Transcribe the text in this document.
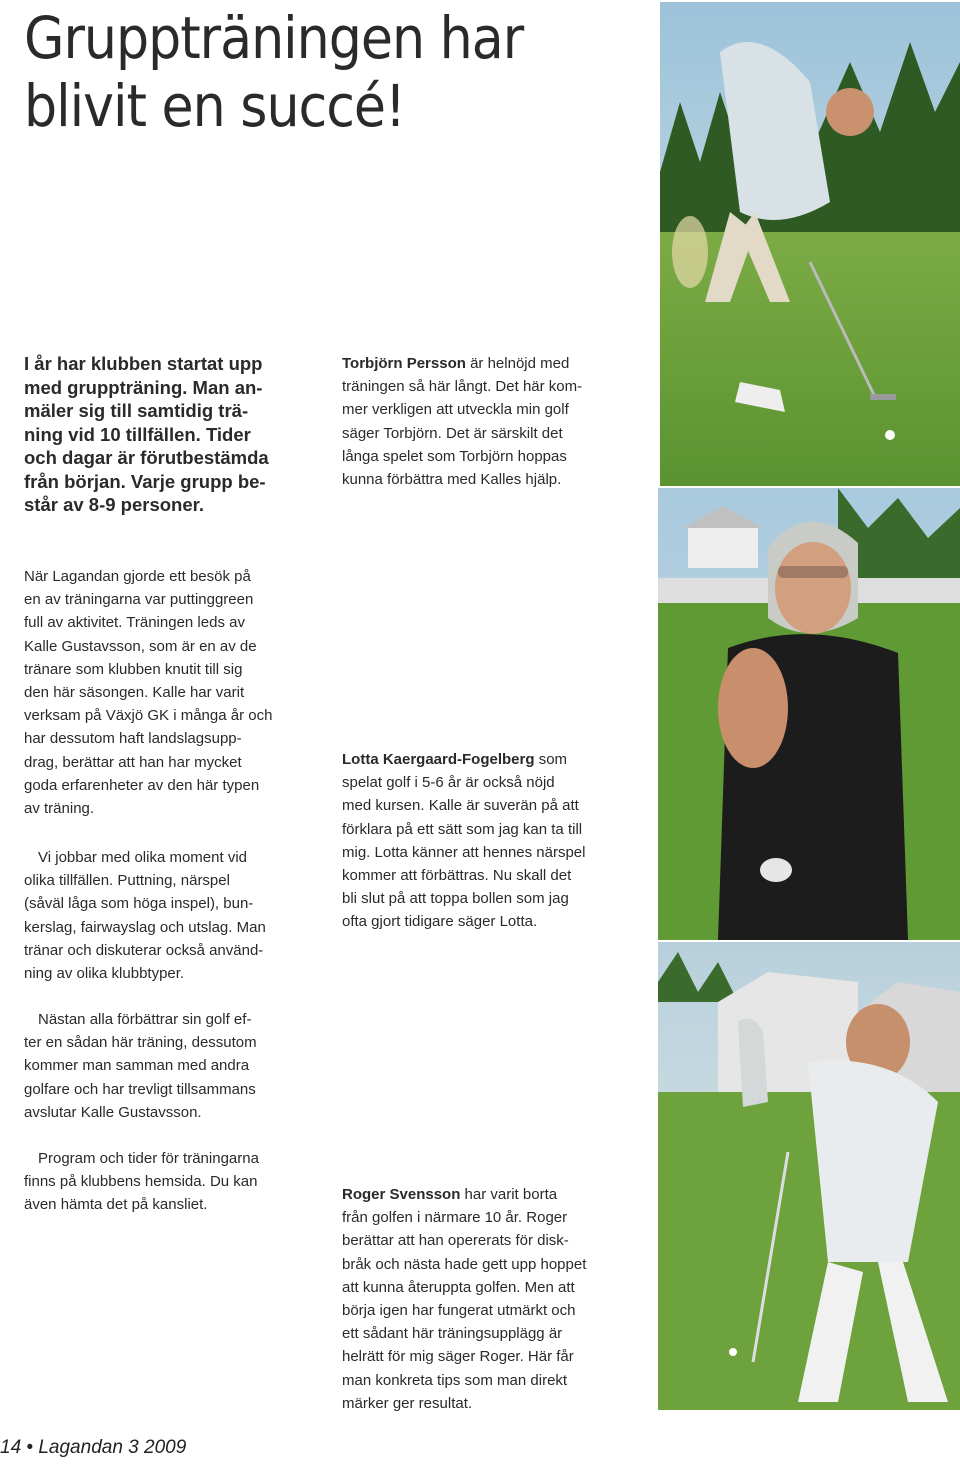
Gruppträningen har
blivit en succé!
I år har klubben startat upp
med gruppträning. Man an-
mäler sig till samtidig trä-
ning vid 10 tillfällen. Tider
och dagar är förutbestämda
från början. Varje grupp be-
står av 8-9 personer.
När Lagandan gjorde ett besök på
en av träningarna var puttinggreen
full av aktivitet. Träningen leds av
Kalle Gustavsson, som är en av de
tränare som klubben knutit till sig
den här säsongen. Kalle har varit
verksam på Växjö GK i många år och
har dessutom haft landslagsupp-
drag, berättar att han har mycket
goda erfarenheter av den här typen
av träning.
Vi jobbar med olika moment vid
olika tillfällen. Puttning, närspel
(såväl låga som höga inspel), bun-
kerslag, fairwayslag och utslag. Man
tränar och diskuterar också använd-
ning av olika klubbtyper.
Nästan alla förbättrar sin golf ef-
ter en sådan här träning, dessutom
kommer man samman med andra
golfare och har trevligt tillsammans
avslutar Kalle Gustavsson.
Program och tider för träningarna
finns på klubbens hemsida. Du kan
även hämta det på kansliet.
Torbjörn Persson är helnöjd med
träningen så här långt. Det här kom-
mer verkligen att utveckla min golf
säger Torbjörn. Det är särskilt det
långa spelet som Torbjörn hoppas
kunna förbättra med Kalles hjälp.
Lotta Kaergaard-Fogelberg som
spelat golf i 5-6 år är också nöjd
med kursen. Kalle är suverän på att
förklara på ett sätt som jag kan ta till
mig. Lotta känner att hennes närspel
kommer att förbättras. Nu skall det
bli slut på att toppa bollen som jag
ofta gjort tidigare säger Lotta.
Roger Svensson har varit borta
från golfen i närmare 10 år. Roger
berättar att han opererats för disk-
bråk och nästa hade gett upp hoppet
att kunna återuppta golfen. Men att
börja igen har fungerat utmärkt och
ett sådant här träningsupplägg är
helrätt för mig säger Roger. Här får
man konkreta tips som man direkt
märker ger resultat.
14 • Lagandan 3 2009
